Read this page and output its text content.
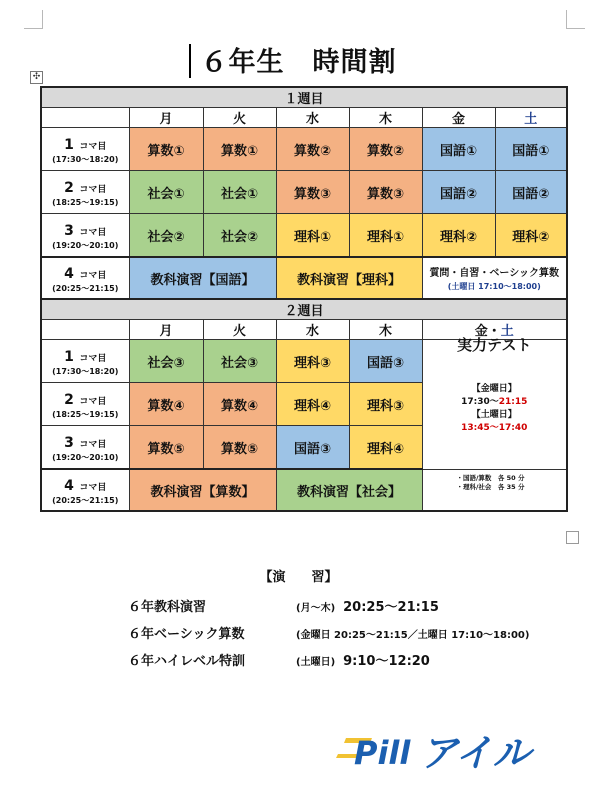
✣	６年生　時間割
１週目						
	月	火	水	木	金	土
1 コマ目
(17:30〜18:20)	算数①	算数①	算数②	算数②	国語①	国語①
2 コマ目
(18:25〜19:15)	社会①	社会①	算数③	算数③	国語②	国語②
3 コマ目
(19:20〜20:10)	社会②	社会②	理科①	理科①	理科②	理科②
4 コマ目
(20:25〜21:15)	教科演習【国語】		教科演習【理科】		質問・自習・ベーシック算数
(土曜日 17:10〜18:00)	

２週目						
	月	火	水	木	金・土	
1 コマ目
(17:30〜18:20)	社会③	社会③	理科③	国語③	実力テスト
【金曜日】
17:30〜21:15
【土曜日】
13:45〜17:40	

2 コマ目
(18:25〜19:15)	算数④	算数④	理科④	理科③		
3 コマ目
(19:20〜20:10)	算数⑤	算数⑤	国語③	理科④		
4 コマ目
(20:25〜21:15)	教科演習【算数】		教科演習【社会】		・国語/算数　各 50 分
・理科/社会　各 35 分	
【演　　習】
６年教科演習	(月〜木) 20:25〜21:15
６年ベーシック算数	(金曜日 20:25〜21:15／土曜日 17:10〜18:00)
６年ハイレベル特訓	(土曜日) 9:10〜12:20
Pill アイル
